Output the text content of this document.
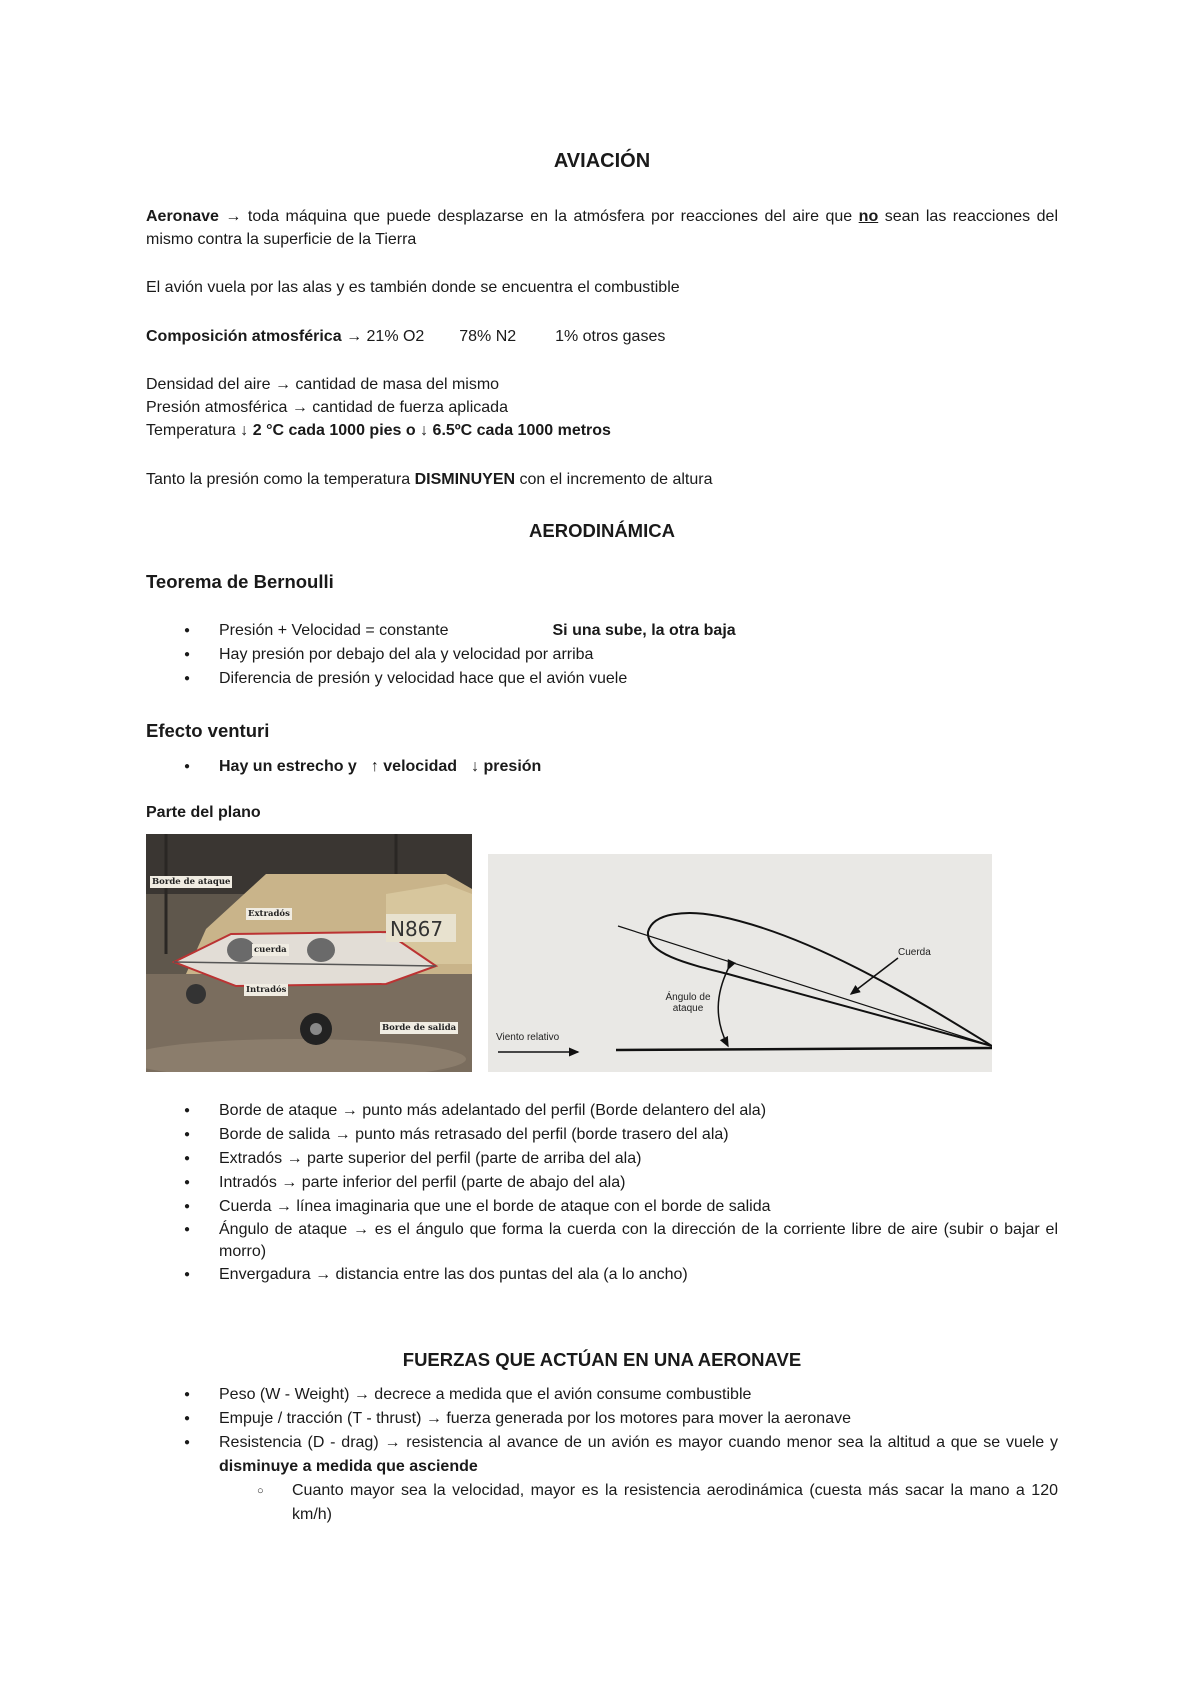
AVIACIÓN
Aeronave → toda máquina que puede desplazarse en la atmósfera por reacciones del aire que no sean las reacciones del mismo contra la superficie de la Tierra
El avión vuela por las alas y es también donde se encuentra el combustible
Composición atmosférica → 21% O2 78% N2 1% otros gases
Densidad del aire → cantidad de masa del mismo
Presión atmosférica → cantidad de fuerza aplicada
Temperatura ↓ 2 °C cada 1000 pies o ↓ 6.5ºC cada 1000 metros
Tanto la presión como la temperatura DISMINUYEN con el incremento de altura
AERODINÁMICA
Teorema de Bernoulli
● Presión + Velocidad = constante	Si una sube, la otra baja
● Hay presión por debajo del ala y velocidad por arriba
● Diferencia de presión y velocidad hace que el avión vuele
Efecto venturi
● Hay un estrecho y ↑ velocidad ↓ presión
Parte del plano
N867
Borde de ataque
Extradós
cuerda
Intradós
Borde de salida
Cuerda
Ángulo de
ataque
Viento relativo
● Borde de ataque → punto más adelantado del perfil (Borde delantero del ala)
● Borde de salida → punto más retrasado del perfil (borde trasero del ala)
● Extradós → parte superior del perfil (parte de arriba del ala)
● Intradós → parte inferior del perfil (parte de abajo del ala)
● Cuerda → línea imaginaria que une el borde de ataque con el borde de salida
● Ángulo de ataque → es el ángulo que forma la cuerda con la dirección de la corriente libre de aire (subir o bajar el morro)
● Envergadura → distancia entre las dos puntas del ala (a lo ancho)
FUERZAS QUE ACTÚAN EN UNA AERONAVE
● Peso (W - Weight) → decrece a medida que el avión consume combustible
● Empuje / tracción (T - thrust) → fuerza generada por los motores para mover la aeronave
● Resistencia (D - drag) → resistencia al avance de un avión es mayor cuando menor sea la altitud a que se vuele y disminuye a medida que asciende
○ Cuanto mayor sea la velocidad, mayor es la resistencia aerodinámica (cuesta más sacar la mano a 120 km/h)
